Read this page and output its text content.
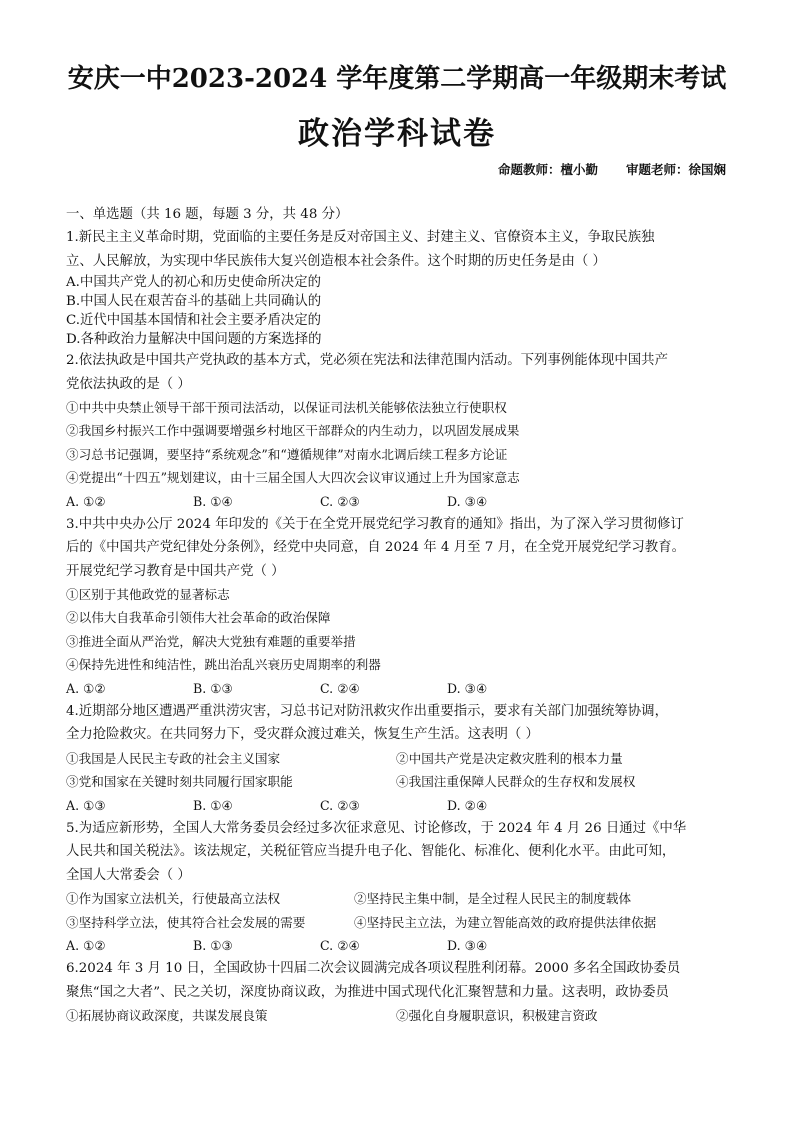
安庆一中2023-2024 学年度第二学期高一年级期末考试
政治学科试卷
命题教师：檀小勤 审题老师：徐国娴
一、单选题（共 16 题，每题 3 分，共 48 分）
1.新民主主义革命时期，党面临的主要任务是反对帝国主义、封建主义、官僚资本主义，争取民族独
立、人民解放，为实现中华民族伟大复兴创造根本社会条件。这个时期的历史任务是由（ ）
A.中国共产党人的初心和历史使命所决定的
B.中国人民在艰苦奋斗的基础上共同确认的
C.近代中国基本国情和社会主要矛盾决定的
D.各种政治力量解决中国问题的方案选择的
2.依法执政是中国共产党执政的基本方式，党必须在宪法和法律范围内活动。下列事例能体现中国共产
党依法执政的是（ ）
①中共中央禁止领导干部干预司法活动，以保证司法机关能够依法独立行使职权
②我国乡村振兴工作中强调要增强乡村地区干部群众的内生动力，以巩固发展成果
③习总书记强调，要坚持“系统观念”和“遵循规律”对南水北调后续工程多方论证
④党提出“十四五”规划建议，由十三届全国人大四次会议审议通过上升为国家意志
A. ①②	B. ①④	C. ②③	D. ③④
3.中共中央办公厅 2024 年印发的《关于在全党开展党纪学习教育的通知》指出，为了深入学习贯彻修订
后的《中国共产党纪律处分条例》，经党中央同意，自 2024 年 4 月至 7 月，在全党开展党纪学习教育。
开展党纪学习教育是中国共产党（ ）
①区别于其他政党的显著标志
②以伟大自我革命引领伟大社会革命的政治保障
③推进全面从严治党，解决大党独有难题的重要举措
④保持先进性和纯洁性，跳出治乱兴衰历史周期率的利器
A. ①②	B. ①③	C. ②④	D. ③④
4.近期部分地区遭遇严重洪涝灾害，习总书记对防汛救灾作出重要指示，要求有关部门加强统筹协调，
全力抢险救灾。在共同努力下，受灾群众渡过难关，恢复生产生活。这表明（ ）
①我国是人民民主专政的社会主义国家	②中国共产党是决定救灾胜利的根本力量
③党和国家在关键时刻共同履行国家职能	④我国注重保障人民群众的生存权和发展权
A. ①③	B. ①④	C. ②③	D. ②④
5.为适应新形势，全国人大常务委员会经过多次征求意见、讨论修改，于 2024 年 4 月 26 日通过《中华
人民共和国关税法》。该法规定，关税征管应当提升电子化、智能化、标准化、便利化水平。由此可知，
全国人大常委会（ ）
①作为国家立法机关，行使最高立法权	②坚持民主集中制，是全过程人民民主的制度载体
③坚持科学立法，使其符合社会发展的需要	④坚持民主立法，为建立智能高效的政府提供法律依据
A. ①②	B. ①③	C. ②④	D. ③④
6.2024 年 3 月 10 日，全国政协十四届二次会议圆满完成各项议程胜利闭幕。2000 多名全国政协委员
聚焦“国之大者”、民之关切，深度协商议政，为推进中国式现代化汇聚智慧和力量。这表明，政协委员
①拓展协商议政深度，共谋发展良策	②强化自身履职意识，积极建言资政
